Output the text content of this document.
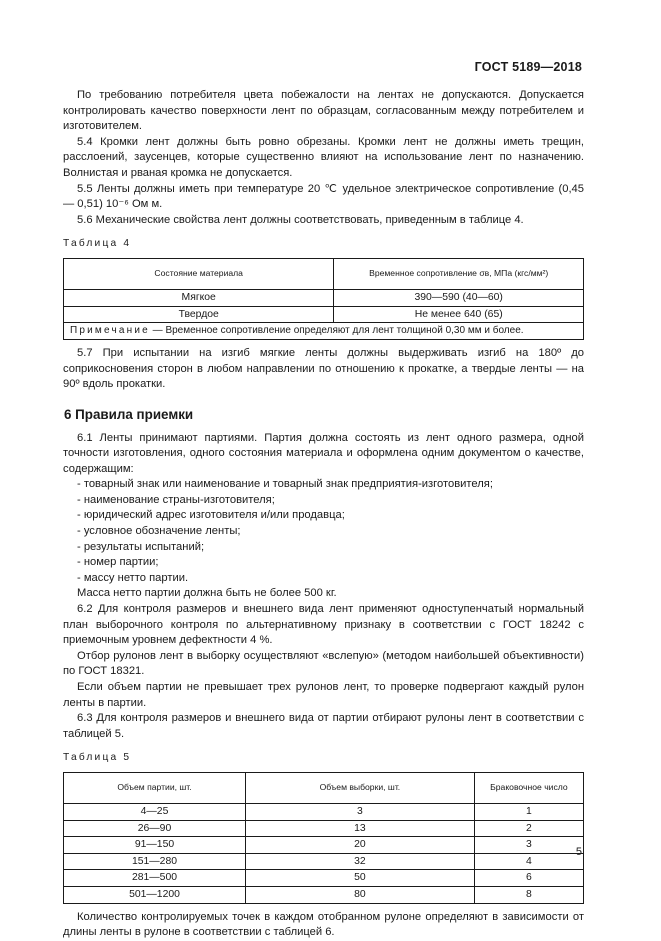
ГОСТ 5189—2018

По требованию потребителя цвета побежалости на лентах не допускаются. Допускается контролировать качество поверхности лент по образцам, согласованным между потребителем и изготовителем.

5.4 Кромки лент должны быть ровно обрезаны. Кромки лент не должны иметь трещин, расслоений, заусенцев, которые существенно влияют на использование лент по назначению. Волнистая и рваная кромка не допускается.

5.5 Ленты должны иметь при температуре 20 ℃ удельное электрическое сопротивление (0,45 — 0,51) 10⁻⁶ Ом м.

5.6 Механические свойства лент должны соответствовать, приведенным в таблице 4.

Таблица 4
Состояние материала	Временное сопротивление σв, МПа (кгс/мм²)
Мягкое	390—590 (40—60)
Твердое	Не менее 640 (65)
Примечание — Временное сопротивление определяют для лент толщиной 0,30 мм и более.	

5.7 При испытании на изгиб мягкие ленты должны выдерживать изгиб на 180º до соприкосновения сторон в любом направлении по отношению к прокатке, а твердые ленты — на 90º вдоль прокатки.

6 Правила приемки

6.1 Ленты принимают партиями. Партия должна состоять из лент одного размера, одной точности изготовления, одного состояния материала и оформлена одним документом о качестве, содержащим:

- товарный знак или наименование и товарный знак предприятия-изготовителя;
- наименование страны-изготовителя;
- юридический адрес изготовителя и/или продавца;
- условное обозначение ленты;
- результаты испытаний;
- номер партии;
- массу нетто партии.

Масса нетто партии должна быть не более 500 кг.

6.2 Для контроля размеров и внешнего вида лент применяют одноступенчатый нормальный план выборочного контроля по альтернативному признаку в соответствии с ГОСТ 18242 с приемочным уровнем дефектности 4 %.

Отбор рулонов лент в выборку осуществляют «вслепую» (методом наибольшей объективности) по ГОСТ 18321.

Если объем партии не превышает трех рулонов лент, то проверке подвергают каждый рулон ленты в партии.

6.3 Для контроля размеров и внешнего вида от партии отбирают рулоны лент в соответствии с таблицей 5.

Таблица 5
Объем партии, шт.	Объем выборки, шт.	Браковочное число
4—25	3	1
26—90	13	2
91—150	20	3
151—280	32	4
281—500	50	6
501—1200	80	8

Количество контролируемых точек в каждом отобранном рулоне определяют в зависимости от длины ленты в рулоне в соответствии с таблицей 6.

5
